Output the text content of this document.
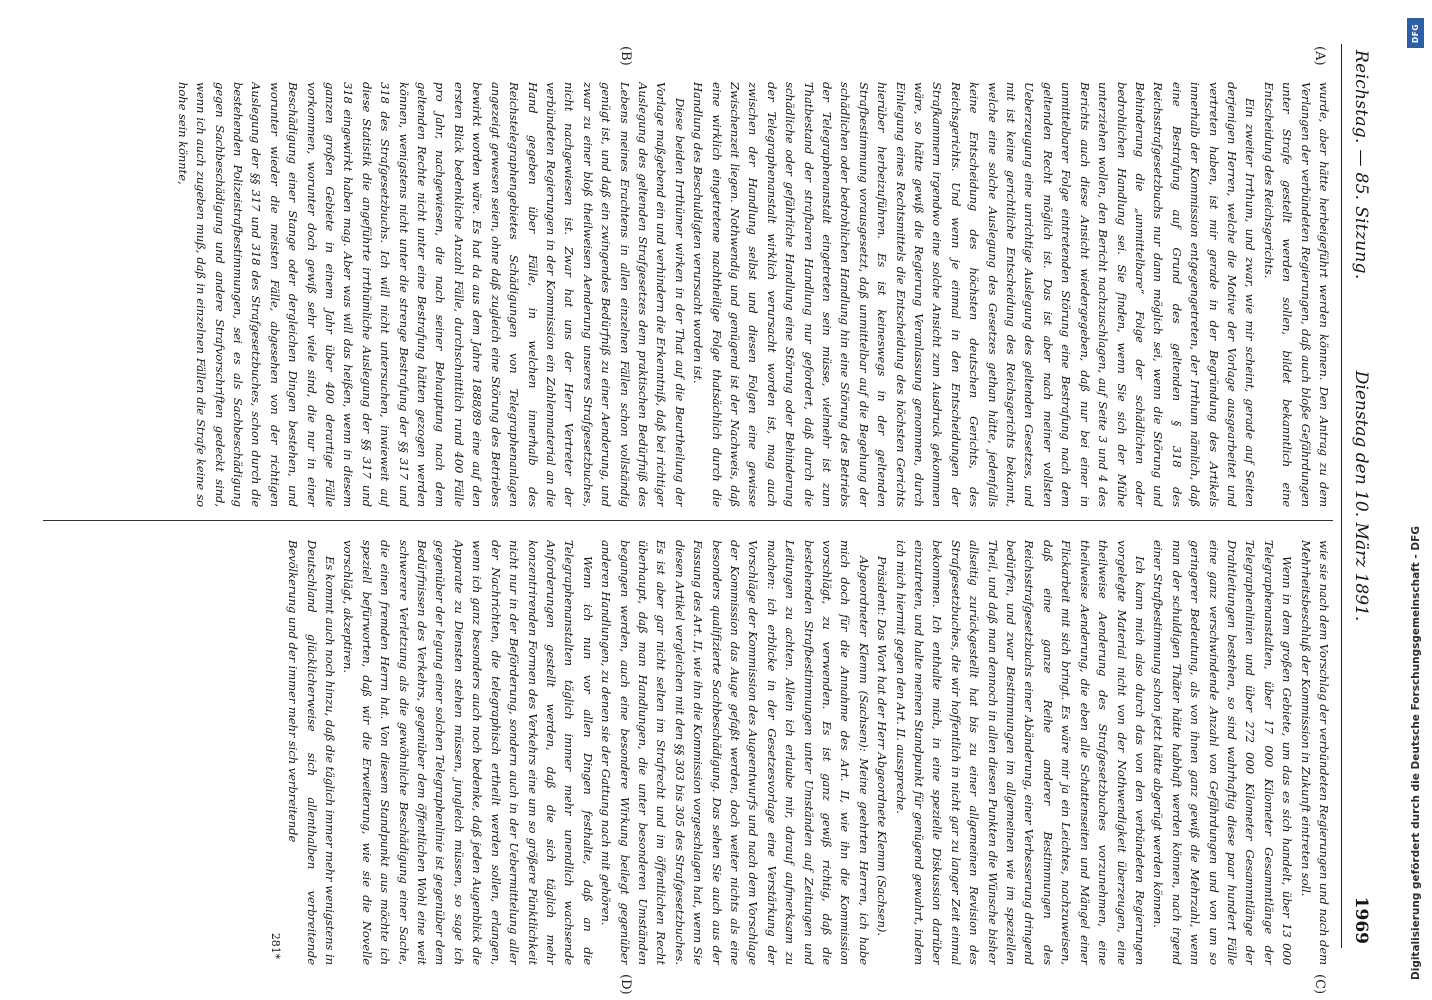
Reichstag. — 85. Sitzung.
Dienstag den 10. März 1891.
1969
(A)
(B)
(C)
(D)

wurde, aber hätte herbeigeführt werden können. Den Antrag zu dem Verlangen der verbündeten Regierungen, daß auch bloße Gefährdungen unter Strafe gestellt werden sollen, bildet bekanntlich eine Entscheidung des Reichsgerichts.

Ein zweiter Irrthum, und zwar, wie mir scheint, gerade auf Seiten derjenigen Herren, welche die Motive der Vorlage ausgearbeitet und vertreten haben, ist mir gerade in der Begründung des Artikels innerhalb der Kommission entgegengetreten, der Irrthum nämlich, daß eine Bestrafung auf Grund des geltenden § 318 des Reichsstrafgesetzbuchs nur dann möglich sei, wenn die Störung und Behinderung die „unmittelbare“ Folge der schädlichen oder bedrohlichen Handlung sei. Sie finden, wenn Sie sich der Mühe unterziehen wollen, den Bericht nachzuschlagen, auf Seite 3 und 4 des Berichts auch diese Ansicht wiedergegeben, daß nur bei einer in unmittelbarer Folge eintretenden Störung eine Bestrafung nach dem geltenden Recht möglich ist. Das ist aber nach meiner vollsten Ueberzeugung eine unrichtige Auslegung des geltenden Gesetzes, und mit ist keine gerichtliche Entscheidung des Reichsgerichts bekannt, welche eine solche Auslegung des Gesetzes gethan hätte, jedenfalls keine Entscheidung des höchsten deutschen Gerichts, des Reichsgerichts. Und wenn je einmal in den Entscheidungen der Strafkammern irgendwo eine solche Ansicht zum Ausdruck gekommen wäre, so hätte gewiß die Regierung Veranlassung genommen, durch Einlegung eines Rechtsmittels die Entscheidung des höchsten Gerichts hierüber herbeizuführen. Es ist keineswegs in der geltenden Strafbestimmung vorausgesetzt, daß unmittelbar auf die Begehung der schädlichen oder bedrohlichen Handlung hin eine Störung des Betriebs der Telegraphenanstalt eingetreten sein müsse, vielmehr ist zum Thatbestand der strafbaren Handlung nur gefordert, daß durch die schädliche oder gefährliche Handlung eine Störung oder Behinderung der Telegraphenanstalt wirklich verursacht worden ist, mag auch zwischen der Handlung selbst und diesen Folgen eine gewisse Zwischenzeit liegen. Nothwendig und genügend ist der Nachweis, daß eine wirklich eingetretene nachtheilige Folge thatsächlich durch die Handlung des Beschuldigten verursacht worden ist.

Diese beiden Irrthümer wirken in der That auf die Beurtheilung der Vorlage maßgebend ein und verhindern die Erkenntniß, daß bei richtiger Auslegung des geltenden Strafgesetzes dem praktischen Bedürfniß des Lebens meines Erachtens in allen einzelnen Fällen schon vollständig genügt ist, und daß ein zwingendes Bedürfniß zu einer Aenderung, und zwar zu einer bloß theilweisen Aenderung unseres Strafgesetzbuches, nicht nachgewiesen ist. Zwar hat uns der Herr Vertreter der verbündeten Regierungen in der Kommission ein Zahlenmaterial an die Hand gegeben über Fälle, in welchen innerhalb des Reichstelegraphengebietes Schädigungen von Telegraphenanlagen angezeigt gewesen seien, ohne daß zugleich eine Störung des Betriebes bewirkt worden wäre. Es hat da aus dem Jahre 1888/89 eine auf den ersten Blick bedenkliche Anzahl Fälle, durchschnittlich rund 400 Fälle pro Jahr, nachgewiesen, die nach seiner Behauptung nach dem geltenden Rechte nicht unter eine Bestrafung hätten gezogen werden können, wenigstens nicht unter die strenge Bestrafung der §§ 317 und 318 des Strafgesetzbuchs. Ich will nicht untersuchen, inwieweit auf diese Statistik die angeführte irrthümliche Auslegung der §§ 317 und 318 eingewirkt haben mag. Aber was will das heißen, wenn in diesem ganzen großen Gebiete in einem Jahr über 400 derartige Fälle vorkommen, worunter doch gewiß sehr viele sind, die nur in einer Beschädigung einer Stange oder dergleichen Dingen bestehen, und worunter wieder die meisten Fälle, abgesehen von der richtigen Auslegung der §§ 317 und 318 des Strafgesetzbuches, schon durch die bestehenden Polizeistrafbestimmungen, sei es als Sachbeschädigung gegen Sachbeschädigung und andere Strafvorschriften gedeckt sind, wenn ich auch zugeben muß, daß in einzelnen Fällen die Strafe keine so hohe sein könnte,

wie sie nach dem Vorschlag der verbündeten Regierungen und nach dem Mehrheitsbeschluß der Kommission in Zukunft eintreten soll.

Wenn in dem großen Gebiete, um das es sich handelt, über 13 000 Telegraphenanstalten, über 17 000 Kilometer Gesammtlänge der Telegraphenlinien und über 272 000 Kilometer Gesammtlänge der Drahtleitungen bestehen, so sind wahrhaftig diese paar hundert Fälle eine ganz verschwindende Anzahl von Gefährdungen und von um so geringerer Bedeutung, als von ihnen ganz gewiß die Mehrzahl, wenn man der schuldigen Thäter hätte habhaft werden können, nach irgend einer Strafbestimmung schon jetzt hätte abgerügt werden können.

Ich kann mich also durch das von den verbündeten Regierungen vorgelegte Material nicht von der Nothwendigkeit überzeugen, eine theilweise Aenderung des Strafgesetzbuches vorzunehmen, eine theilweise Aenderung, die eben alle Schattenseiten und Mängel einer Flickarbeit mit sich bringt. Es wäre mir ja ein Leichtes, nachzuweisen, daß eine ganze Reihe anderer Bestimmungen des Reichsstrafgesetzbuchs einer Abänderung, einer Verbesserung dringend bedürfen, und zwar Bestimmungen im allgemeinen wie im speziellen Theil, und daß man dennoch in allen diesen Punkten die Wünsche bisher allseitig zurückgestellt hat bis zu einer allgemeinen Revision des Strafgesetzbuches, die wir hoffentlich in nicht gar zu langer Zeit einmal bekommen. Ich enthalte mich, in eine spezielle Diskussion darüber einzutreten, und halte meinen Standpunkt für genügend gewahrt, indem ich mich hiermit gegen den Art. II. ausspreche.

Präsident: Das Wort hat der Herr Abgeordnete Klemm (Sachsen).

Abgeordneter Klemm (Sachsen): Meine geehrten Herren, ich habe mich doch für die Annahme des Art. II, wie ihn die Kommission vorschlägt, zu verwenden. Es ist ganz gewiß richtig, daß die bestehenden Strafbestimmungen unter Umständen auf Zeitungen und Leitungen zu achten. Allein ich erlaube mir, darauf aufmerksam zu machen: ich erblicke in der Gesetzesvorlage eine Verstärkung der Vorschläge der Kommission des Augeentwurfs und nach dem Vorschlage der Kommission das Auge gefaßt werden, doch weiter nichts als eine besonders qualifizierte Sachbeschädigung. Das sehen Sie auch aus der Fassung des Art. II, wie ihn die Kommission vorgeschlagen hat, wenn Sie diesen Artikel vergleichen mit den §§ 303 bis 305 des Strafgesetzbuches. Es ist aber gar nicht selten im Strafrecht und im öffentlichen Recht überhaupt, daß man Handlungen, die unter besonderen Umständen begangen werden, auch eine besondere Wirkung beilegt gegenüber anderen Handlungen, zu denen sie der Gattung nach mit gehören.

Wenn ich nun vor allen Dingen festhalte, daß an die Telegraphenanstalten täglich immer mehr unendlich wachsende Anforderungen gestellt werden, daß die sich täglich mehr konzentrirenden Formen des Verkehrs eine um so größere Pünktlichkeit nicht nur in der Beförderung, sondern auch in der Uebermittelung aller der Nachrichten, die telegraphisch ertheilt werden sollen, erlangen, wenn ich ganz besonders auch noch bedenke, daß jeden Augenblick die Apparate zu Diensten stehen müssen, jungleich müssen, so sage ich gegenüber der legung einer solchen Telegraphenlinie ist gegenüber dem Bedürfnissen des Verkehrs, gegenüber dem öffentlichen Wohl eine weit schwerere Verletzung als die gewöhnliche Beschädigung einer Sache, die einen fremden Herrn hat. Von diesem Standpunkt aus möchte ich speziell befürworten, daß wir die Erweiterung, wie sie die Novelle vorschlägt, akzeptiren.

Es kommt auch noch hinzu, daß die täglich immer mehr wenigstens in Deutschland glücklicherweise sich allenthalben verbreitende Bevölkerung und der immer mehr sich verbreitende

281*
DFG
Digitalisierung gefördert durch die Deutsche Forschungsgemeinschaft - DFG
